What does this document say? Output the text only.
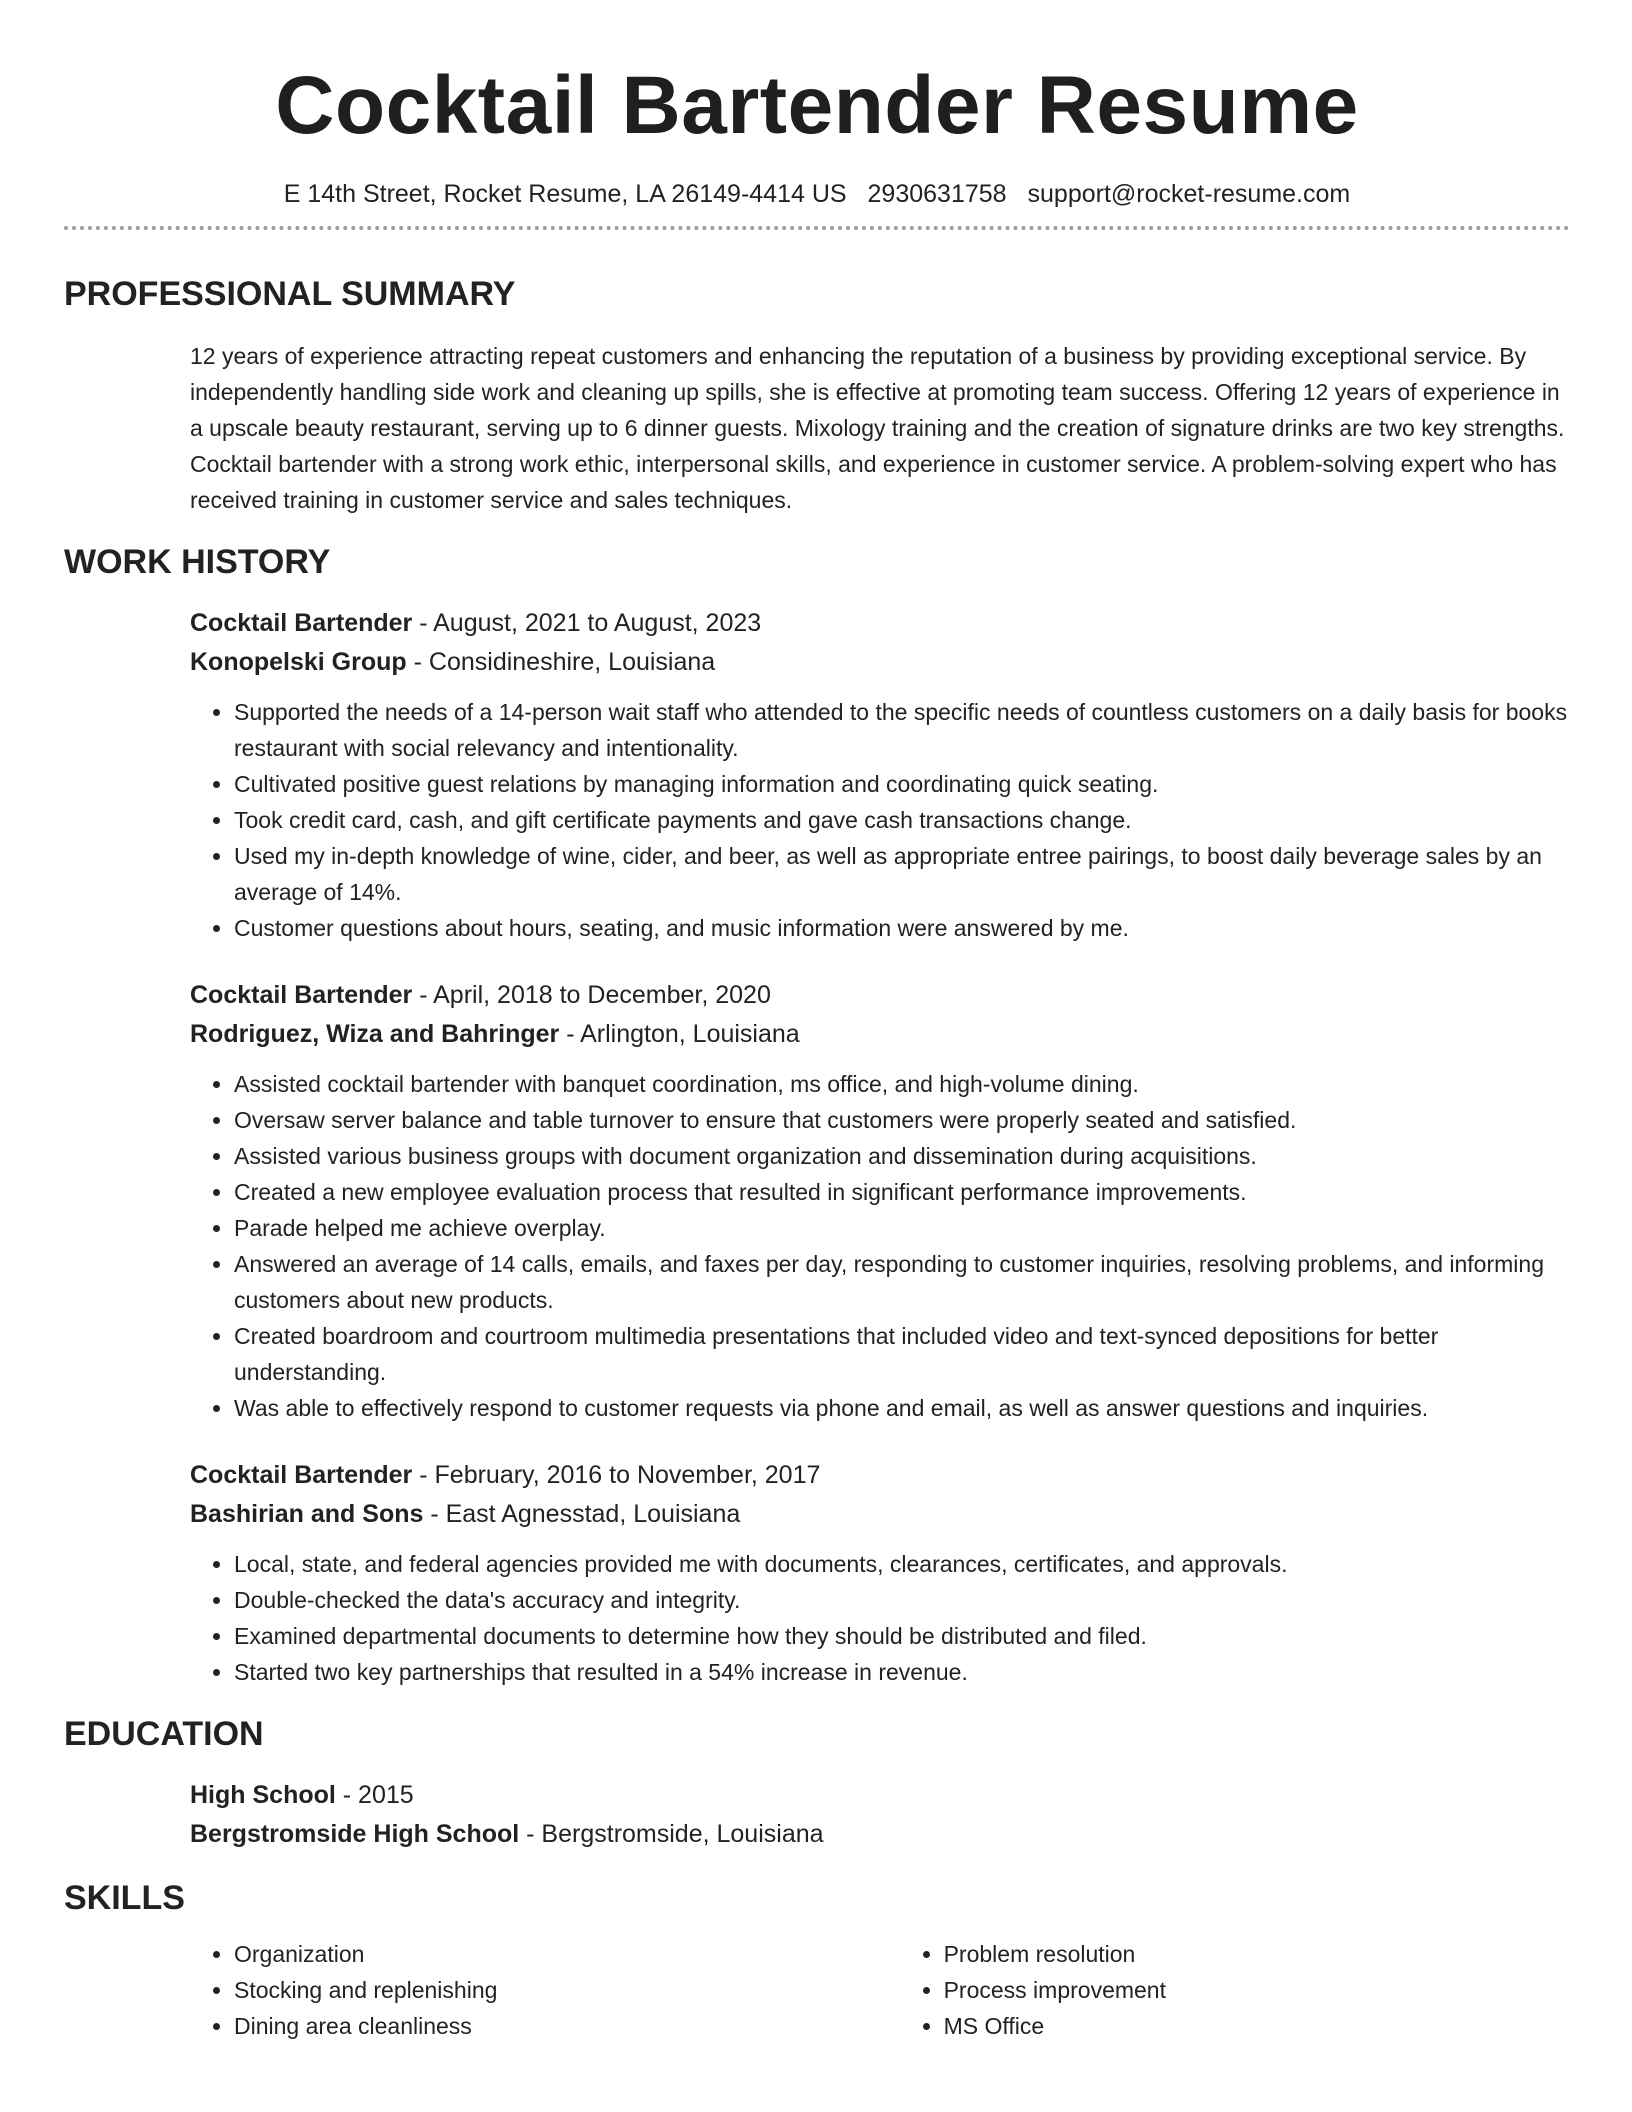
Cocktail Bartender Resume
E 14th Street, Rocket Resume, LA 26149-4414 US 2930631758 support@rocket-resume.com
PROFESSIONAL SUMMARY
12 years of experience attracting repeat customers and enhancing the reputation of a business by providing exceptional service. By independently handling side work and cleaning up spills, she is effective at promoting team success. Offering 12 years of experience in a upscale beauty restaurant, serving up to 6 dinner guests. Mixology training and the creation of signature drinks are two key strengths. Cocktail bartender with a strong work ethic, interpersonal skills, and experience in customer service. A problem-solving expert who has received training in customer service and sales techniques.
WORK HISTORY
Cocktail Bartender - August, 2021 to August, 2023
Konopelski Group - Considineshire, Louisiana
• Supported the needs of a 14-person wait staff who attended to the specific needs of countless customers on a daily basis for books restaurant with social relevancy and intentionality.
• Cultivated positive guest relations by managing information and coordinating quick seating.
• Took credit card, cash, and gift certificate payments and gave cash transactions change.
• Used my in-depth knowledge of wine, cider, and beer, as well as appropriate entree pairings, to boost daily beverage sales by an average of 14%.
• Customer questions about hours, seating, and music information were answered by me.
Cocktail Bartender - April, 2018 to December, 2020
Rodriguez, Wiza and Bahringer - Arlington, Louisiana
• Assisted cocktail bartender with banquet coordination, ms office, and high-volume dining.
• Oversaw server balance and table turnover to ensure that customers were properly seated and satisfied.
• Assisted various business groups with document organization and dissemination during acquisitions.
• Created a new employee evaluation process that resulted in significant performance improvements.
• Parade helped me achieve overplay.
• Answered an average of 14 calls, emails, and faxes per day, responding to customer inquiries, resolving problems, and informing customers about new products.
• Created boardroom and courtroom multimedia presentations that included video and text-synced depositions for better understanding.
• Was able to effectively respond to customer requests via phone and email, as well as answer questions and inquiries.
Cocktail Bartender - February, 2016 to November, 2017
Bashirian and Sons - East Agnesstad, Louisiana
• Local, state, and federal agencies provided me with documents, clearances, certificates, and approvals.
• Double-checked the data's accuracy and integrity.
• Examined departmental documents to determine how they should be distributed and filed.
• Started two key partnerships that resulted in a 54% increase in revenue.
EDUCATION
High School - 2015
Bergstromside High School - Bergstromside, Louisiana
SKILLS
• Organization
• Stocking and replenishing
• Dining area cleanliness
• Problem resolution
• Process improvement
• MS Office
